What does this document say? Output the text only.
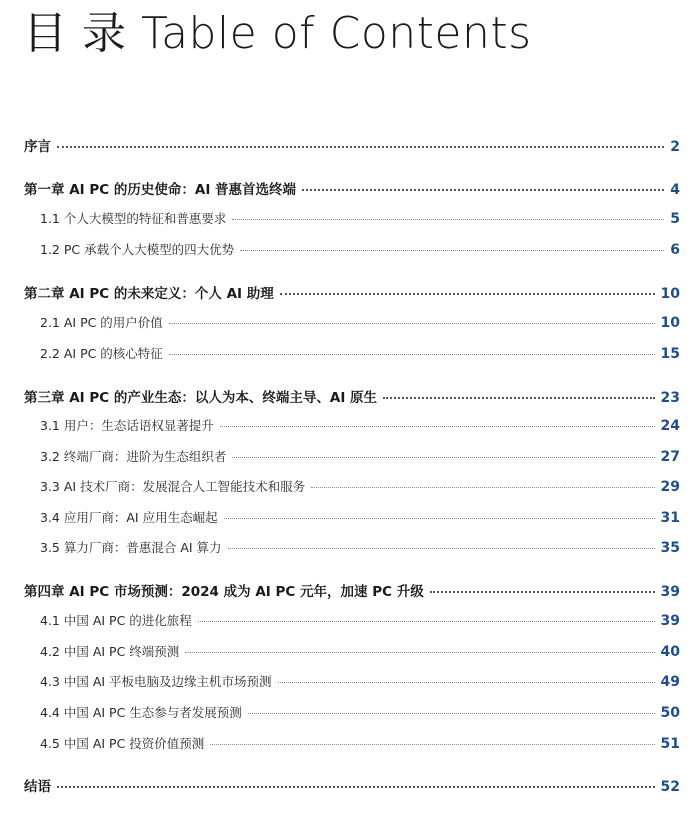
目 录 Table of Contents
序言	2
第一章 AI PC 的历史使命：AI 普惠首选终端	4
1.1 个人大模型的特征和普惠要求	5
1.2 PC 承载个人大模型的四大优势	6
第二章 AI PC 的未来定义：个人 AI 助理	10
2.1 AI PC 的用户价值	10
2.2 AI PC 的核心特征	15
第三章 AI PC 的产业生态：以人为本、终端主导、AI 原生	23
3.1 用户：生态话语权显著提升	24
3.2 终端厂商：进阶为生态组织者	27
3.3 AI 技术厂商：发展混合人工智能技术和服务	29
3.4 应用厂商：AI 应用生态崛起	31
3.5 算力厂商：普惠混合 AI 算力	35
第四章 AI PC 市场预测：2024 成为 AI PC 元年，加速 PC 升级	39
4.1 中国 AI PC 的进化旅程	39
4.2 中国 AI PC 终端预测	40
4.3 中国 AI 平板电脑及边缘主机市场预测	49
4.4 中国 AI PC 生态参与者发展预测	50
4.5 中国 AI PC 投资价值预测	51
结语	52
